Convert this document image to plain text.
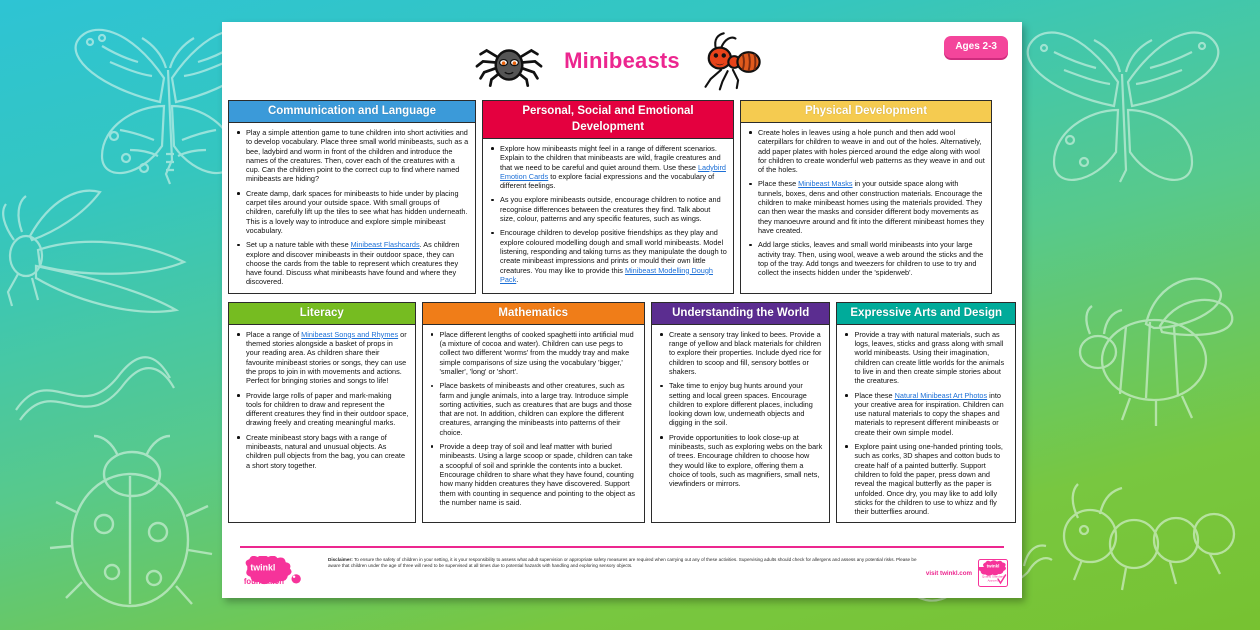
Minibeasts
Ages 2-3
Communication and Language
Play a simple attention game to tune children into short activities and to develop vocabulary. Place three small world minibeasts, such as a bee, ladybird and worm in front of the children and introduce the names of the creatures. Then, cover each of the creatures with a cup. Can the children point to the correct cup to find where named minibeasts are hiding?
Create damp, dark spaces for minibeasts to hide under by placing carpet tiles around your outside space. With small groups of children, carefully lift up the tiles to see what has hidden underneath. This is a lovely way to introduce and explore simple minibeast vocabulary.
Set up a nature table with these Minibeast Flashcards. As children explore and discover minibeasts in their outdoor space, they can choose the cards from the table to represent which creatures they have found. Discuss what minibeasts have found and where they discovered.
Personal, Social and Emotional Development
Explore how minibeasts might feel in a range of different scenarios. Explain to the children that minibeasts are wild, fragile creatures and that we need to be careful and quiet around them. Use these Ladybird Emotion Cards to explore facial expressions and the vocabulary of different feelings.
As you explore minibeasts outside, encourage children to notice and recognise differences between the creatures they find. Talk about size, colour, patterns and any specific features, such as wings.
Encourage children to develop positive friendships as they play and explore coloured modelling dough and small world minibeasts. Model listening, responding and taking turns as they manipulate the dough to create minibeast impressions and prints or mould their own little creatures. You may like to provide this Minibeast Modelling Dough Pack.
Physical Development
Create holes in leaves using a hole punch and then add wool caterpillars for children to weave in and out of the holes. Alternatively, add paper plates with holes pierced around the edge along with wool for children to create wonderful web patterns as they weave in and out of the holes.
Place these Minibeast Masks in your outside space along with tunnels, boxes, dens and other construction materials. Encourage the children to make minibeast homes using the materials provided. They can then wear the masks and consider different body movements as they manoeuvre around and fit into the different minibeast homes they have created.
Add large sticks, leaves and small world minibeasts into your large activity tray. Then, using wool, weave a web around the sticks and the top of the tray. Add tongs and tweezers for children to use to try and collect the insects hidden under the 'spiderweb'.
Literacy
Place a range of Minibeast Songs and Rhymes or themed stories alongside a basket of props in your reading area. As children share their favourite minibeast stories or songs, they can use the props to join in with movements and actions. Perfect for bringing stories and songs to life!
Provide large rolls of paper and mark-making tools for children to draw and represent the different creatures they find in their outdoor space, drawing freely and creating meaningful marks.
Create minibeast story bags with a range of minibeasts, natural and unusual objects. As children pull objects from the bag, you can create a short story together.
Mathematics
Place different lengths of cooked spaghetti into artificial mud (a mixture of cocoa and water). Children can use pegs to collect two different 'worms' from the muddy tray and make simple comparisons of size using the vocabulary 'bigger,' 'smaller', 'long' or 'short'.
Place baskets of minibeasts and other creatures, such as farm and jungle animals, into a large tray. Introduce simple sorting activities, such as creatures that are bugs and those that are not. In addition, children can explore the different creatures, arranging the minibeasts into patterns of their choice.
Provide a deep tray of soil and leaf matter with buried minibeasts. Using a large scoop or spade, children can take a scoopful of soil and sprinkle the contents into a bucket. Encourage children to share what they have found, counting how many hidden creatures they have discovered. Support them with counting in sequence and pointing to the object as the number name is said.
Understanding the World
Create a sensory tray linked to bees. Provide a range of yellow and black materials for children to explore their properties. Include dyed rice for children to scoop and fill, sensory bottles or shakers.
Take time to enjoy bug hunts around your setting and local green spaces. Encourage children to explore different places, including looking down low, underneath objects and digging in the soil.
Provide opportunities to look close-up at minibeasts, such as exploring webs on the bark of trees. Encourage children to choose how they would like to explore, offering them a choice of tools, such as magnifiers, small nets, viewfinders or mirrors.
Expressive Arts and Design
Provide a tray with natural materials, such as logs, leaves, sticks and grass along with small world minibeasts. Using their imagination, children can create little worlds for the animals to live in and then create simple stories about the creatures.
Place these Natural Minibeast Art Photos into your creative area for inspiration. Children can use natural materials to copy the shapes and materials to represent different minibeasts or create their own simple model.
Explore paint using one-handed printing tools, such as corks, 3D shapes and cotton buds to create half of a painted butterfly. Support children to fold the paper, press down and reveal the magical butterfly as the paper is unfolded. Once dry, you may like to add lolly sticks for the children to use to whizz and fly their butterflies around.
twinkl
foundation
Disclaimer: To ensure the safety of children in your setting, it is your responsibility to assess what adult supervision or appropriate safety measures are required when carrying out any of these activities. Supervising adults should check for allergens and assess any potential risks. Please be aware that children under the age of three will need to be supervised at all times due to potential hazards with handling and exploring sensory objects.
visit twinkl.com
twinkl
Quality Standard
Approved
